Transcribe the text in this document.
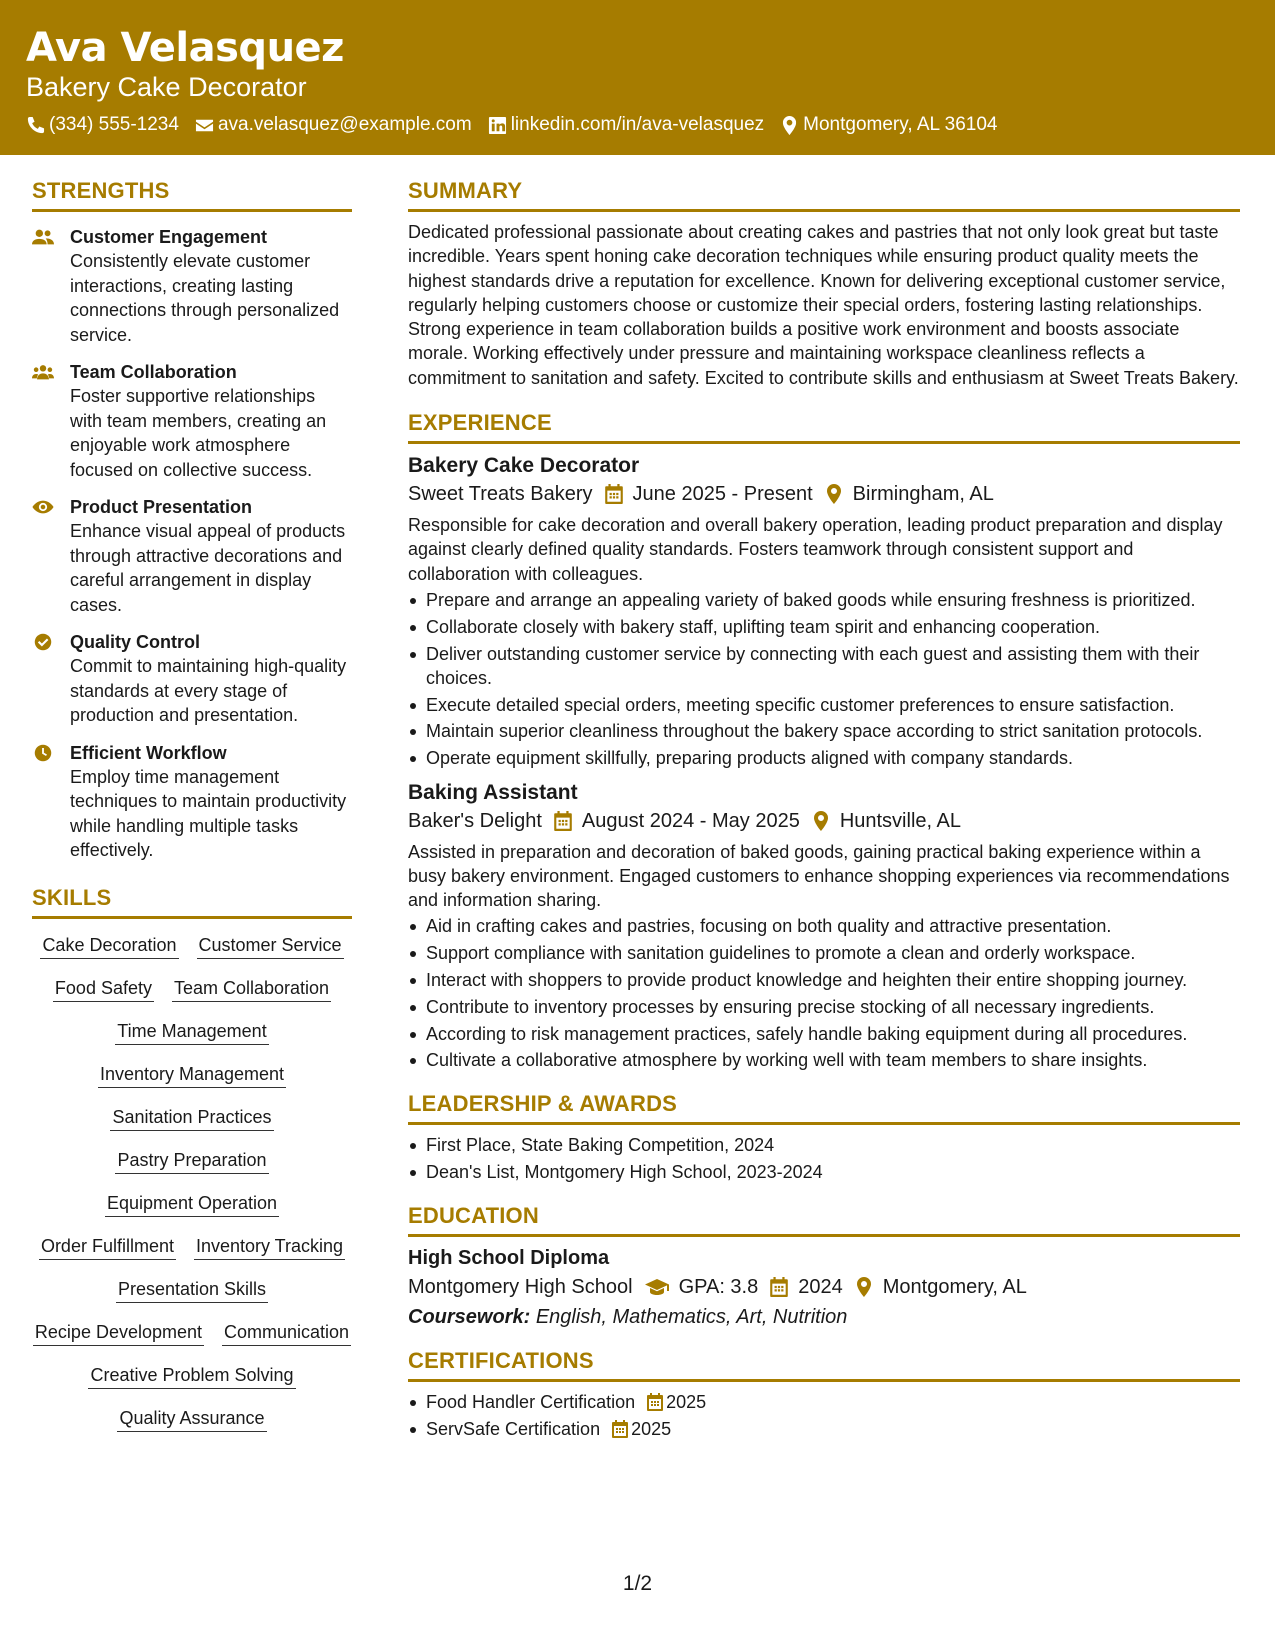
Ava Velasquez
Bakery Cake Decorator
(334) 555-1234 ava.velasquez@example.com linkedin.com/in/ava-velasquez Montgomery, AL 36104
STRENGTHS
Customer Engagement
Consistently elevate customer interactions, creating lasting connections through personalized service.
Team Collaboration
Foster supportive relationships with team members, creating an enjoyable work atmosphere focused on collective success.
Product Presentation
Enhance visual appeal of products through attractive decorations and careful arrangement in display cases.
Quality Control
Commit to maintaining high-quality standards at every stage of production and presentation.
Efficient Workflow
Employ time management techniques to maintain productivity while handling multiple tasks effectively.
SKILLS
Cake Decoration Customer Service
Food Safety Team Collaboration
Time Management
Inventory Management
Sanitation Practices
Pastry Preparation
Equipment Operation
Order Fulfillment Inventory Tracking
Presentation Skills
Recipe Development Communication
Creative Problem Solving
Quality Assurance
SUMMARY
Dedicated professional passionate about creating cakes and pastries that not only look great but taste incredible. Years spent honing cake decoration techniques while ensuring product quality meets the highest standards drive a reputation for excellence. Known for delivering exceptional customer service, regularly helping customers choose or customize their special orders, fostering lasting relationships. Strong experience in team collaboration builds a positive work environment and boosts associate morale. Working effectively under pressure and maintaining workspace cleanliness reflects a commitment to sanitation and safety. Excited to contribute skills and enthusiasm at Sweet Treats Bakery.
EXPERIENCE
Bakery Cake Decorator
Sweet Treats Bakery June 2025 - Present Birmingham, AL
Responsible for cake decoration and overall bakery operation, leading product preparation and display against clearly defined quality standards. Fosters teamwork through consistent support and collaboration with colleagues.
Prepare and arrange an appealing variety of baked goods while ensuring freshness is prioritized.
Collaborate closely with bakery staff, uplifting team spirit and enhancing cooperation.
Deliver outstanding customer service by connecting with each guest and assisting them with their choices.
Execute detailed special orders, meeting specific customer preferences to ensure satisfaction.
Maintain superior cleanliness throughout the bakery space according to strict sanitation protocols.
Operate equipment skillfully, preparing products aligned with company standards.
Baking Assistant
Baker's Delight August 2024 - May 2025 Huntsville, AL
Assisted in preparation and decoration of baked goods, gaining practical baking experience within a busy bakery environment. Engaged customers to enhance shopping experiences via recommendations and information sharing.
Aid in crafting cakes and pastries, focusing on both quality and attractive presentation.
Support compliance with sanitation guidelines to promote a clean and orderly workspace.
Interact with shoppers to provide product knowledge and heighten their entire shopping journey.
Contribute to inventory processes by ensuring precise stocking of all necessary ingredients.
According to risk management practices, safely handle baking equipment during all procedures.
Cultivate a collaborative atmosphere by working well with team members to share insights.
LEADERSHIP & AWARDS
First Place, State Baking Competition, 2024
Dean's List, Montgomery High School, 2023-2024
EDUCATION
High School Diploma
Montgomery High School GPA: 3.8 2024 Montgomery, AL
Coursework: English, Mathematics, Art, Nutrition
CERTIFICATIONS
Food Handler Certification 2025
ServSafe Certification 2025
1/2
